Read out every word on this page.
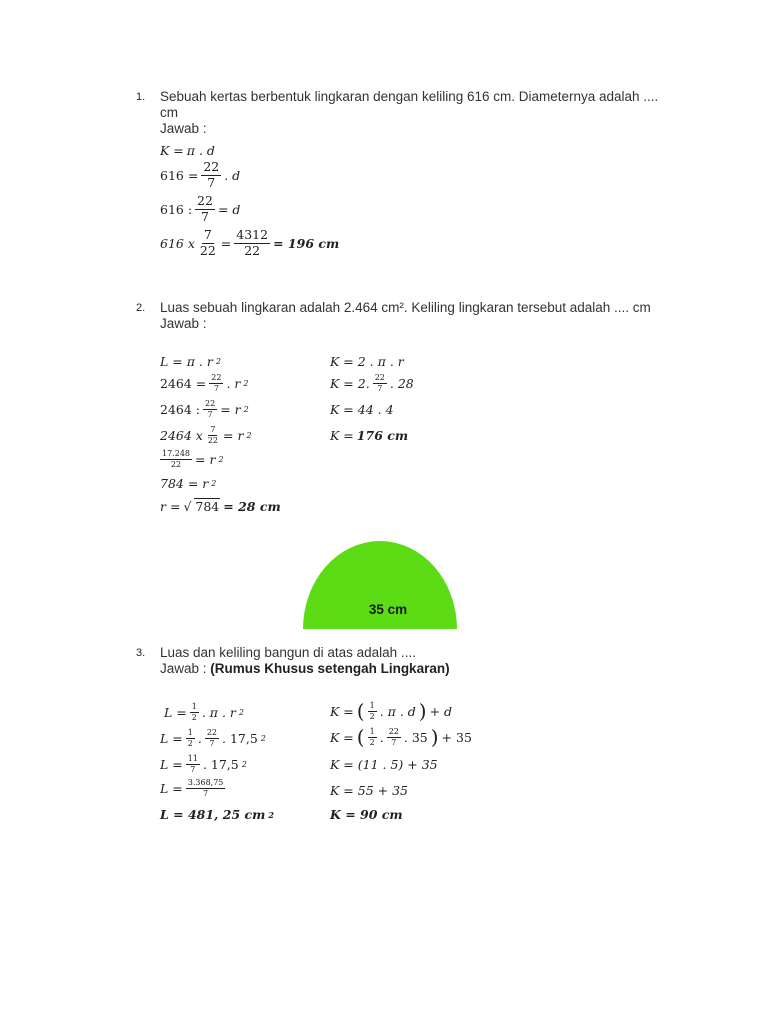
1. Sebuah kertas berbentuk lingkaran dengan keliling 616 cm. Diameternya adalah .... cm
Jawab :
K = π . d
$616 = \frac{22}{7}$ . d
616 : $\frac{22}{7} = d$
616 x $\frac{7}{22} = \frac{4312}{22} = 196$ cm
2. Luas sebuah lingkaran adalah 2.464 cm². Keliling lingkaran tersebut adalah .... cm
Jawab :
L = π . r 2
$2464 = \frac{22}{7}$ . r 2
2464 : $\frac{22}{7} = r$ 2
2464 x $\frac{7}{22} = r$ 2
$\frac{17.248}{22} = r$ 2
784 = r 2
r = √ 784 = 28 cm
K = 2 . π . r
K = 2. $\frac{22}{7}$ . 28
K = 44 . 4
K = 176 cm
35 cm
3. Luas dan keliling bangun di atas adalah ....
Jawab : (Rumus Khusus setengah Lingkaran)
$L = \frac{1}{2}$ . π . r 2
$L = \frac{1}{2}$ . $\frac{22}{7}$ . 17,5 2
$L = \frac{11}{7}$ . 17,5 2
$L = \frac{3.368,75}{7}$
L = 481, 25 cm 2
K = ( $\frac{1}{2}$ . π . d ) + d
K = ( $\frac{1}{2}$ . $\frac{22}{7}$ . 35 ) + 35
K = (11 . 5) + 35
K = 55 + 35
K = 90 cm
